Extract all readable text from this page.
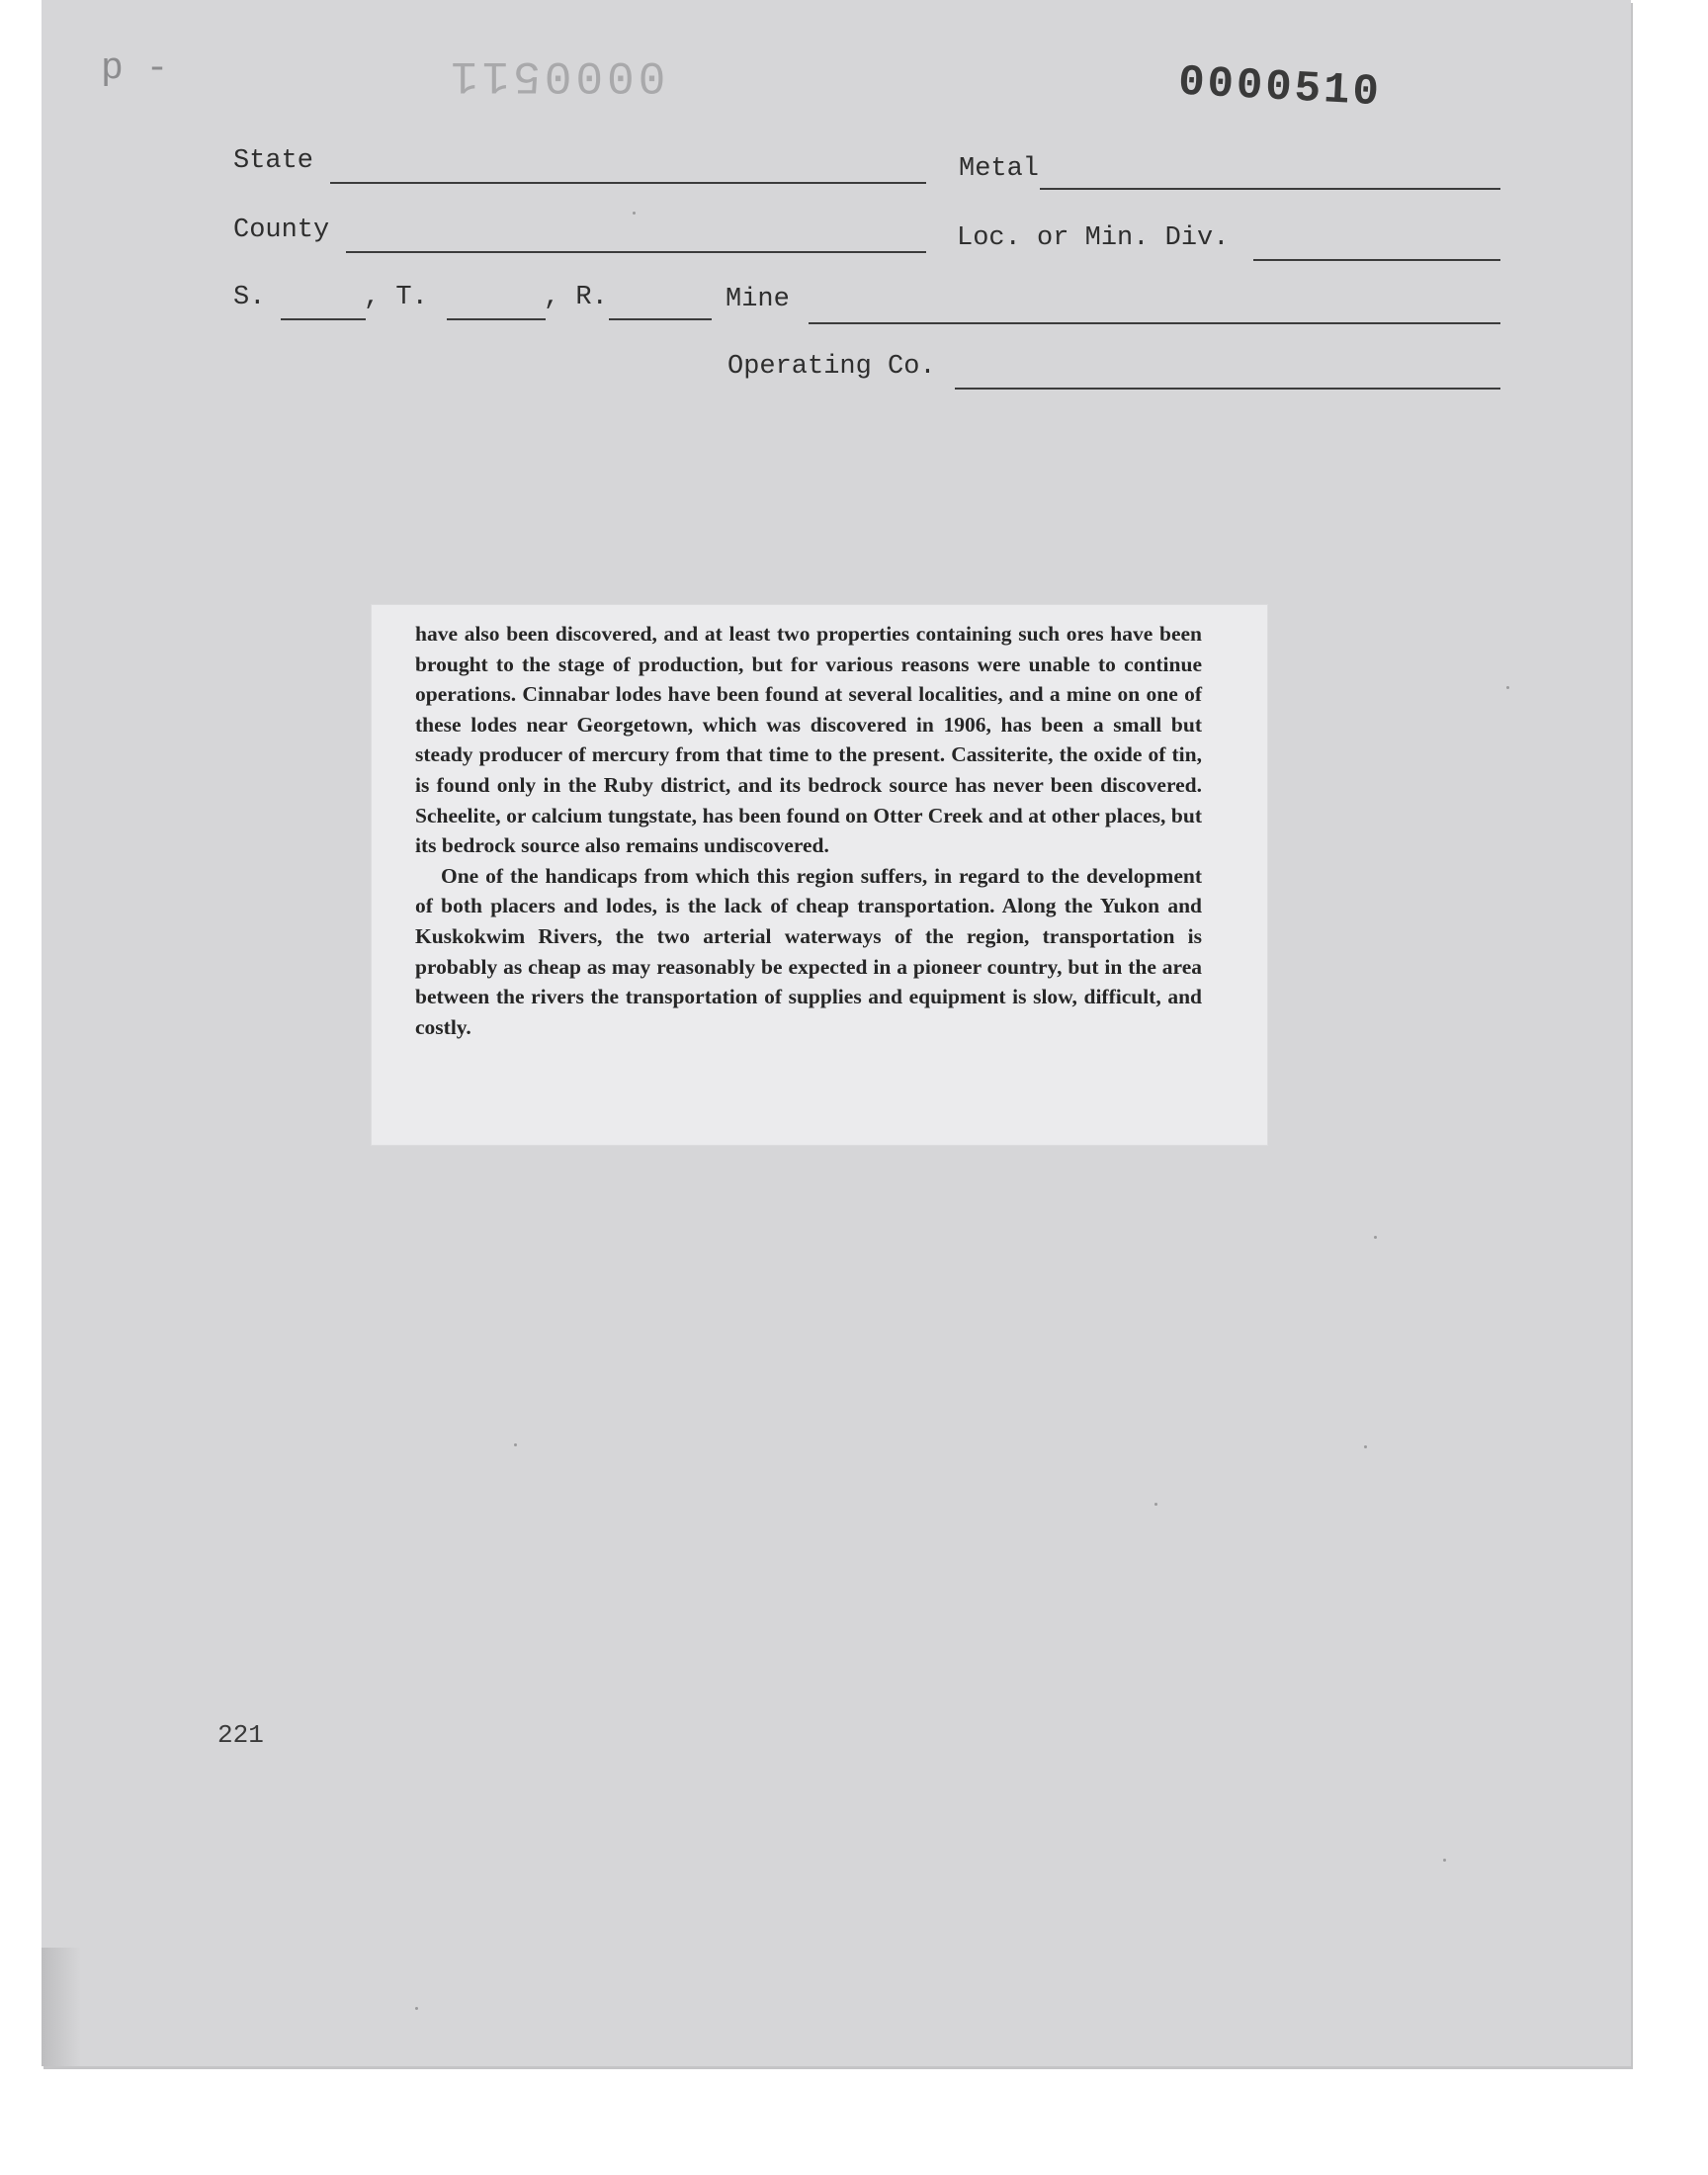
p -	0000511	0000510
State	Metal
County	Loc. or Min. Div.
S.	, T.	, R.	Mine
Operating Co.

have also been discovered, and at least two properties containing such ores have been brought to the stage of production, but for various reasons were unable to continue operations. Cinnabar lodes have been found at several localities, and a mine on one of these lodes near Georgetown, which was discovered in 1906, has been a small but steady producer of mercury from that time to the present. Cassiterite, the oxide of tin, is found only in the Ruby district, and its bedrock source has never been discovered. Scheelite, or calcium tungstate, has been found on Otter Creek and at other places, but its bedrock source also remains undiscovered.

One of the handicaps from which this region suffers, in regard to the development of both placers and lodes, is the lack of cheap transportation. Along the Yukon and Kuskokwim Rivers, the two arterial waterways of the region, transportation is probably as cheap as may reasonably be expected in a pioneer country, but in the area between the rivers the transportation of supplies and equipment is slow, difficult, and costly.

221
